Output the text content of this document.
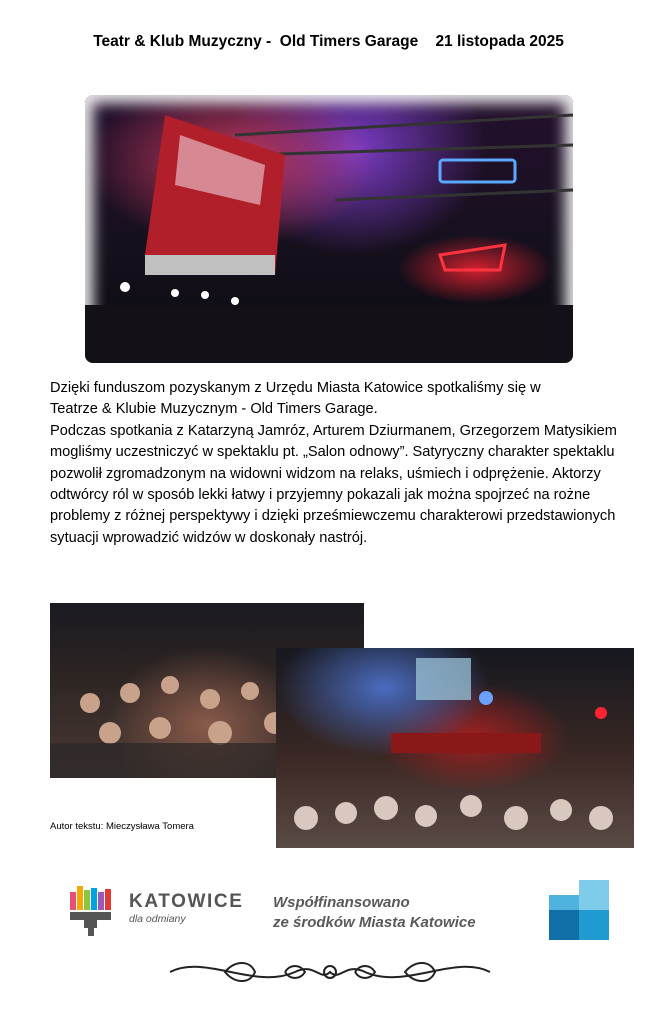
Teatr & Klub Muzyczny -  Old Timers Garage 21 listopada 2025

Dzięki funduszom pozyskanym z Urzędu Miasta Katowice spotkaliśmy się w
Teatrze & Klubie Muzycznym - Old Timers Garage.

Podczas spotkania z Katarzyną Jamróz, Arturem Dziurmanem, Grzegorzem Matysikiem mogliśmy uczestniczyć w spektaklu pt. „Salon odnowy”. Satyryczny charakter spektaklu pozwolił zgromadzonym na widowni widzom na relaks, uśmiech i odprężenie. Aktorzy odtwórcy ról w sposób lekki łatwy i przyjemny pokazali jak można spojrzeć na rożne problemy z różnej perspektywy i dzięki prześmiewczemu charakterowi przedstawionych sytuacji wprowadzić widzów w doskonały nastrój.

Autor tekstu: Mieczysława Tomera
KATOWICE
dla odmiany
Współfinansowano
ze środków Miasta Katowice
